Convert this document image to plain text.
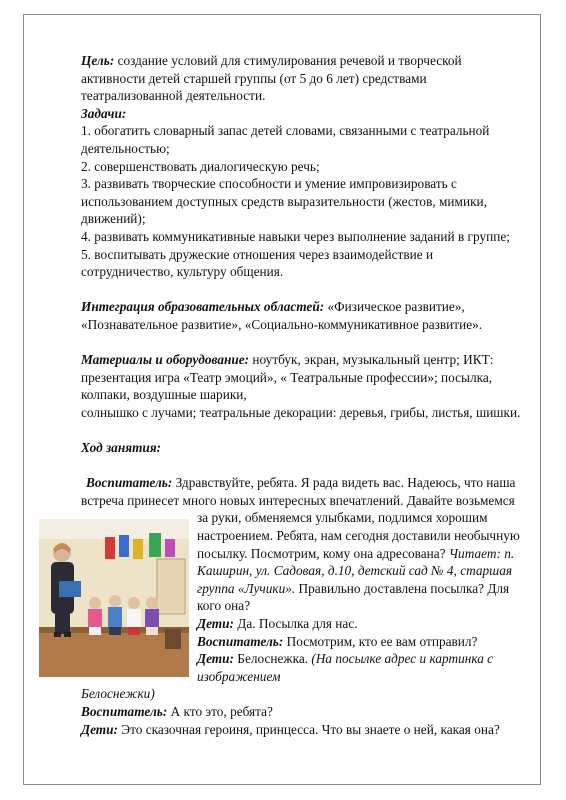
Цель: создание условий для стимулирования речевой и творческой активности детей старшей группы (от 5 до 6 лет) средствами театрализованной деятельности.

Задачи:

1. обогатить словарный запас детей словами, связанными с театральной деятельностью;

2. совершенствовать диалогическую речь;

3. развивать творческие способности и умение импровизировать с использованием доступных средств выразительности (жестов, мимики, движений);

4. развивать коммуникативные навыки через выполнение заданий в группе;

5. воспитывать дружеские отношения через взаимодействие и сотрудничество, культуру общения.

Интеграция образовательных областей: «Физическое развитие», «Познавательное развитие», «Социально-коммуникативное развитие».

Материалы и оборудование: ноутбук, экран, музыкальный центр; ИКТ: презентация игра «Театр эмоций», « Театральные профессии»; посылка, колпаки, воздушные шарики,

солнышко с лучами; театральные декорации: деревья, грибы, листья, шишки.

Ход занятия:

Воспитатель: Здравствуйте, ребята. Я рада видеть вас. Надеюсь, что наша встреча принесет много новых интересных впечатлений. Давайте возьмемся

за руки, обменяемся улыбками, подлимся хорошим настроением. Ребята, нам сегодня доставили необычную посылку. Посмотрим, кому она адресована? Читает: п. Каширин, ул. Садовая, д.10, детский сад № 4, старшая группа «Лучики». Правильно доставлена посылка? Для кого она?

Дети: Да. Посылка для нас.

Воспитатель: Посмотрим, кто ее вам отправил?

Дети: Белоснежка. (На посылке адрес и картинка с изображением

Белоснежки)

Воспитатель: А кто это, ребята?

Дети: Это сказочная героиня, принцесса. Что вы знаете о ней, какая она?
